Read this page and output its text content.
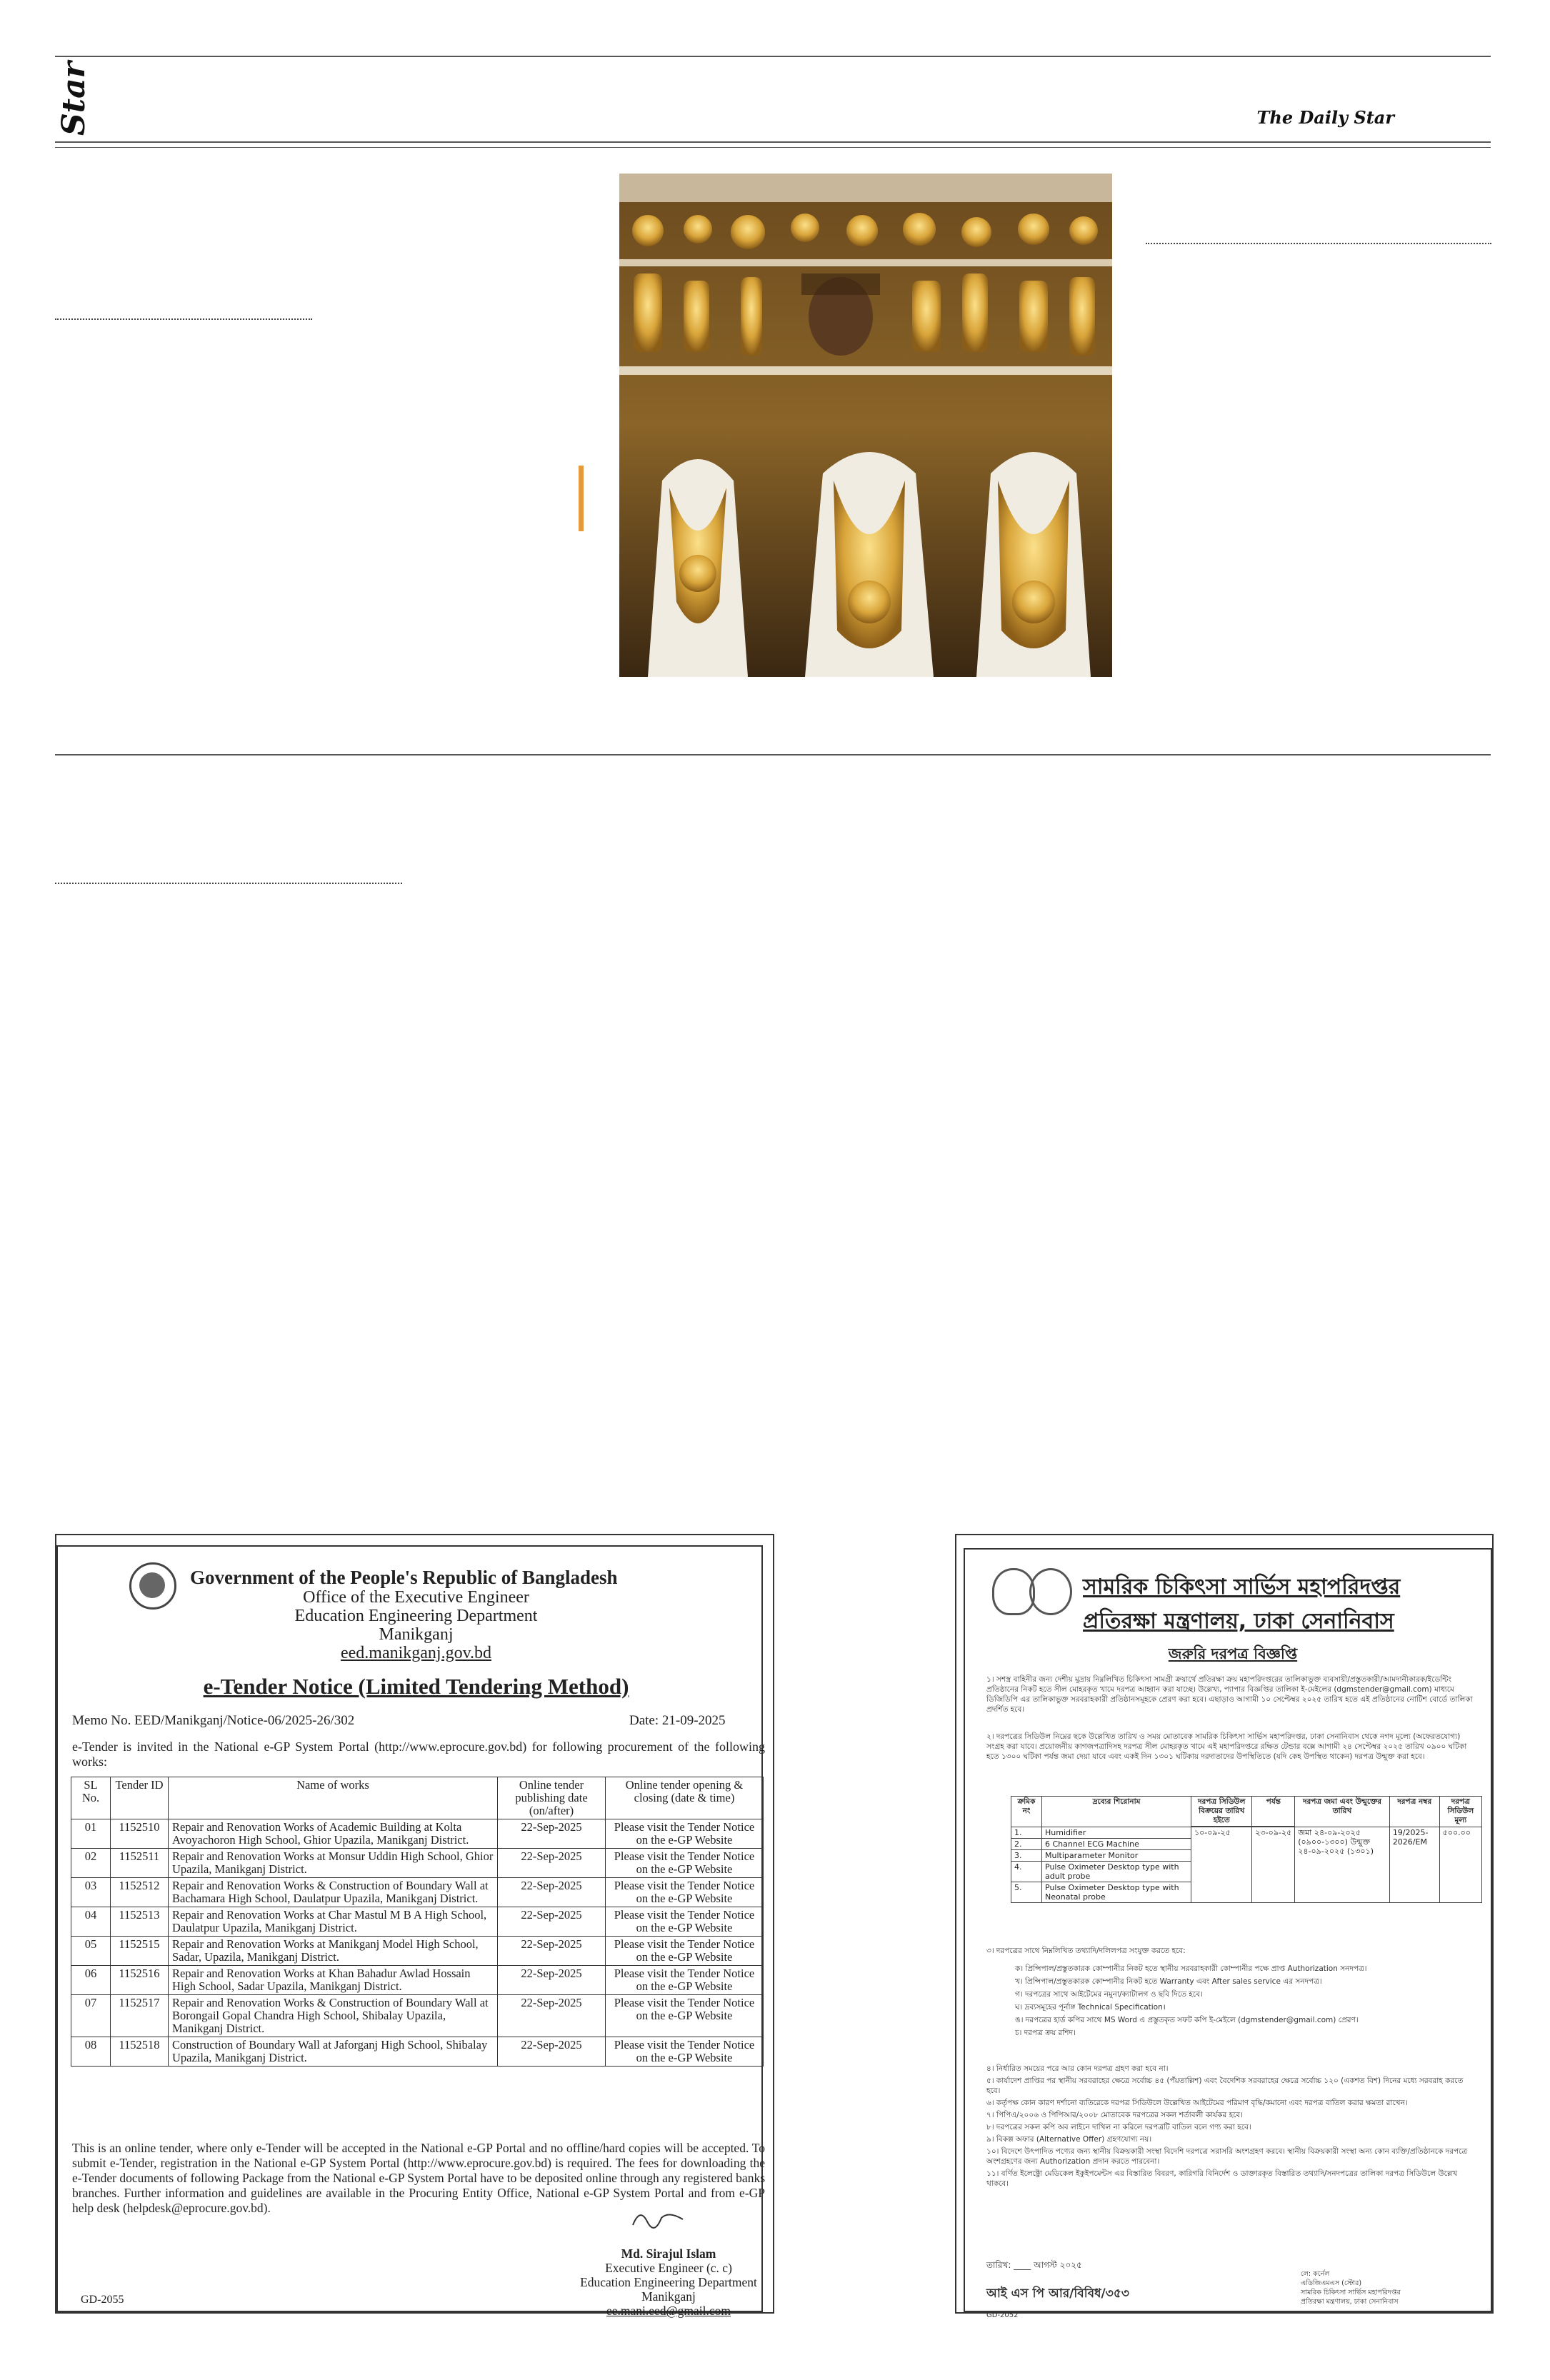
Star	The Daily Star
Government of the People's Republic of Bangladesh
Office of the Executive Engineer
Education Engineering Department
Manikganj
eed.manikganj.gov.bd
e-Tender Notice (Limited Tendering Method)
Memo No. EED/Manikganj/Notice-06/2025-26/302	Date: 21-09-2025
e-Tender is invited in the National e-GP System Portal (http://www.eprocure.gov.bd) for following procurement of the following works:
SL No.	Tender ID	Name of works	Online tender publishing date (on/after)	Online tender opening & closing (date & time)
01	1152510	Repair and Renovation Works of Academic Building at Kolta Avoyachoron High School, Ghior Upazila, Manikganj District.	22-Sep-2025	Please visit the Tender Notice on the e-GP Website
02	1152511	Repair and Renovation Works at Monsur Uddin High School, Ghior Upazila, Manikganj District.	22-Sep-2025	Please visit the Tender Notice on the e-GP Website
03	1152512	Repair and Renovation Works & Construction of Boundary Wall at Bachamara High School, Daulatpur Upazila, Manikganj District.	22-Sep-2025	Please visit the Tender Notice on the e-GP Website
04	1152513	Repair and Renovation Works at Char Mastul M B A High School, Daulatpur Upazila, Manikganj District.	22-Sep-2025	Please visit the Tender Notice on the e-GP Website
05	1152515	Repair and Renovation Works at Manikganj Model High School, Sadar, Upazila, Manikganj District.	22-Sep-2025	Please visit the Tender Notice on the e-GP Website
06	1152516	Repair and Renovation Works at Khan Bahadur Awlad Hossain High School, Sadar Upazila, Manikganj District.	22-Sep-2025	Please visit the Tender Notice on the e-GP Website
07	1152517	Repair and Renovation Works & Construction of Boundary Wall at Borongail Gopal Chandra High School, Shibalay Upazila, Manikganj District.	22-Sep-2025	Please visit the Tender Notice on the e-GP Website
08	1152518	Construction of Boundary Wall at Jaforganj High School, Shibalay Upazila, Manikganj District.	22-Sep-2025	Please visit the Tender Notice on the e-GP Website
This is an online tender, where only e-Tender will be accepted in the National e-GP Portal and no offline/hard copies will be accepted. To submit e-Tender, registration in the National e-GP System Portal (http://www.eprocure.gov.bd) is required. The fees for downloading the e-Tender documents of following Package from the National e-GP System Portal have to be deposited online through any registered banks branches. Further information and guidelines are available in the Procuring Entity Office, National e-GP System Portal and from e-GP help desk (helpdesk@eprocure.gov.bd).
Md. Sirajul Islam
Executive Engineer (c. c)
Education Engineering Department
Manikganj
ee.mani.eed@gmail.com
GD-2055
সামরিক চিকিৎসা সার্ভিস মহাপরিদপ্তর
প্রতিরক্ষা মন্ত্রণালয়, ঢাকা সেনানিবাস
জরুরি দরপত্র বিজ্ঞপ্তি
১। সশস্ত্র বাহিনীর জন্য দেশীয় মুদ্রায় নিম্নলিখিত চিকিৎসা সামগ্রী ক্রয়ার্থে প্রতিরক্ষা ক্রয় মহাপরিদপ্তরের তালিকাভুক্ত ব্যবসায়ী/প্রস্তুতকারী/আমদানীকারক/ইডেন্টিং প্রতিষ্ঠানের নিকট হতে সীল মোহরকৃত খামে দরপত্র আহ্বান করা যাচ্ছে। উল্লেখ্য, প্যাপার বিজ্ঞপ্তির তালিকা ই-মেইলের (dgmstender@gmail.com) মাধ্যমে ডিজিডিপি এর তালিকাভুক্ত সরবরাহকারী প্রতিষ্ঠানসমূহকে প্রেরণ করা হবে। এছাড়াও আগামী ১০ সেপ্টেম্বর ২০২৫ তারিখ হতে এই প্রতিষ্ঠানের নোটিশ বোর্ডে তালিকা প্রদর্শিত হবে।
২। দরপত্রের সিডিউল নিম্নের ছকে উল্লেখিত তারিখ ও সময় মোতাবেক সামরিক চিকিৎসা সার্ভিস মহাপরিদপ্তর, ঢাকা সেনানিবাস থেকে নগদ মূল্যে (অফেরতযোগ্য) সংগ্রহ করা যাবে। প্রয়োজনীয় কাগজপত্রাদিসহ দরপত্র সীল মোহরকৃত খামে এই মহাপরিদপ্তরে রক্ষিত টেন্ডার বক্সে আগামী ২৪ সেপ্টেম্বর ২০২৫ তারিখ ০৯০০ ঘটিকা হতে ১৩০০ ঘটিকা পর্যন্ত জমা দেয়া যাবে এবং একই দিন ১৩০১ ঘটিকায় দরদাতাদের উপস্থিতিতে (যদি কেহ উপস্থিত থাকেন) দরপত্র উন্মুক্ত করা হবে।
ক্রমিক নং	দ্রব্যের শিরোনাম	দরপত্র সিডিউল বিক্রয়ের তারিখ হইতে	পর্যন্ত	দরপত্র জমা এবং উন্মুক্তের তারিখ	দরপত্র নম্বর	দরপত্র সিডিউল মূল্য

1.	Humidifier	১০-০৯-২৫	২৩-০৯-২৫	জমা ২৪-০৯-২০২৫ (০৯০০-১৩০০) উন্মুক্ত ২৪-০৯-২০২৫ (১৩০১)	19/2025-2026/EM	৫০০.০০
2.	6 Channel ECG Machine					
3.	Multiparameter Monitor					
4.	Pulse Oximeter Desktop type with adult probe					
5.	Pulse Oximeter Desktop type with Neonatal probe					
৩। দরপত্রের সাথে নিম্নলিখিত তথ্যাদি/দলিলপত্র সংযুক্ত করতে হবে:
ক। প্রিন্সিপাল/প্রস্তুতকারক কোম্পানীর নিকট হতে স্থানীয় সরবরাহকারী কোম্পানীর পক্ষে প্রাপ্ত Authorization সনদপত্র।
খ। প্রিন্সিপাল/প্রস্তুতকারক কোম্পানীর নিকট হতে Warranty এবং After sales service এর সনদপত্র।
গ। দরপত্রের সাথে আইটেমের নমুনা/ক্যাটালগ ও ছবি দিতে হবে।
ঘ। দ্রব্যসমূহের পূর্নাঙ্গ Technical Specification।
ঙ। দরপত্রের হার্ড কপির সাথে MS Word এ প্রস্তুতকৃত সফট কপি ই-মেইলে (dgmstender@gmail.com) প্রেরণ।
চ। দরপত্র ক্রয় রশিদ।
৪। নির্ধারিত সময়ের পরে আর কোন দরপত্র গ্রহণ করা হবে না।
৫। কার্যাদেশ প্রাপ্তির পর স্থানীয় সরবরাহের ক্ষেত্রে সর্বোচ্চ ৪৫ (পঁয়তাল্লিশ) এবং বৈদেশিক সরবরাহের ক্ষেত্রে সর্বোচ্চ ১২০ (একশত বিশ) দিনের মধ্যে সরবরাহ করতে হবে।
৬। কর্তৃপক্ষ কোন কারণ দর্শানো ব্যতিরেকে দরপত্র সিডিউলে উল্লেখিত আইটেমের পরিমাণ বৃদ্ধি/কমানো এবং দরপত্র বাতিল করার ক্ষমতা রাখেন।
৭। পিপিএ/২০০৬ ও পিপিআর/২০০৮ মোতাবেক দরপত্রের সকল শর্তাবলী কার্যকর হবে।
৮। দরপত্রের সকল কপি অব লাইনে দাখিল না করিলে দরপত্রটি বাতিল বলে গণ্য করা হবে।
৯। বিকল্প অফার (Alternative Offer) গ্রহণযোগ্য নয়।
১০। বিদেশে উৎপাদিত পণ্যের জন্য স্থানীয় বিক্রয়কারী সংস্থা বিদেশি দরপত্রে সরাসরি অংশগ্রহণ করবে। স্থানীয় বিক্রয়কারী সংস্থা অন্য কোন ব্যক্তি/প্রতিষ্ঠানকে দরপত্রে অংশগ্রহণের জন্য Authorization প্রদান করতে পারবেনা।
১১। বর্ণিত ইলেক্ট্রো মেডিকেল ইকুইপমেন্টস এর বিস্তারিত বিবরণ, কারিগরি বিনির্দেশ ও ডাক্তারকৃত বিস্তারিত তথ্যাদি/সনদপত্রের তালিকা দরপত্র সিডিউলে উল্লেখ থাকবে।
তারিখ: ____ আগস্ট ২০২৫
আই এস পি আর/বিবিধ/৩৫৩
GD-2052
লে: কর্নেল
এডিজিএমএস (স্টোর)
সামরিক চিকিৎসা সার্ভিস মহাপরিদপ্তর
প্রতিরক্ষা মন্ত্রণালয়, ঢাকা সেনানিবাস
